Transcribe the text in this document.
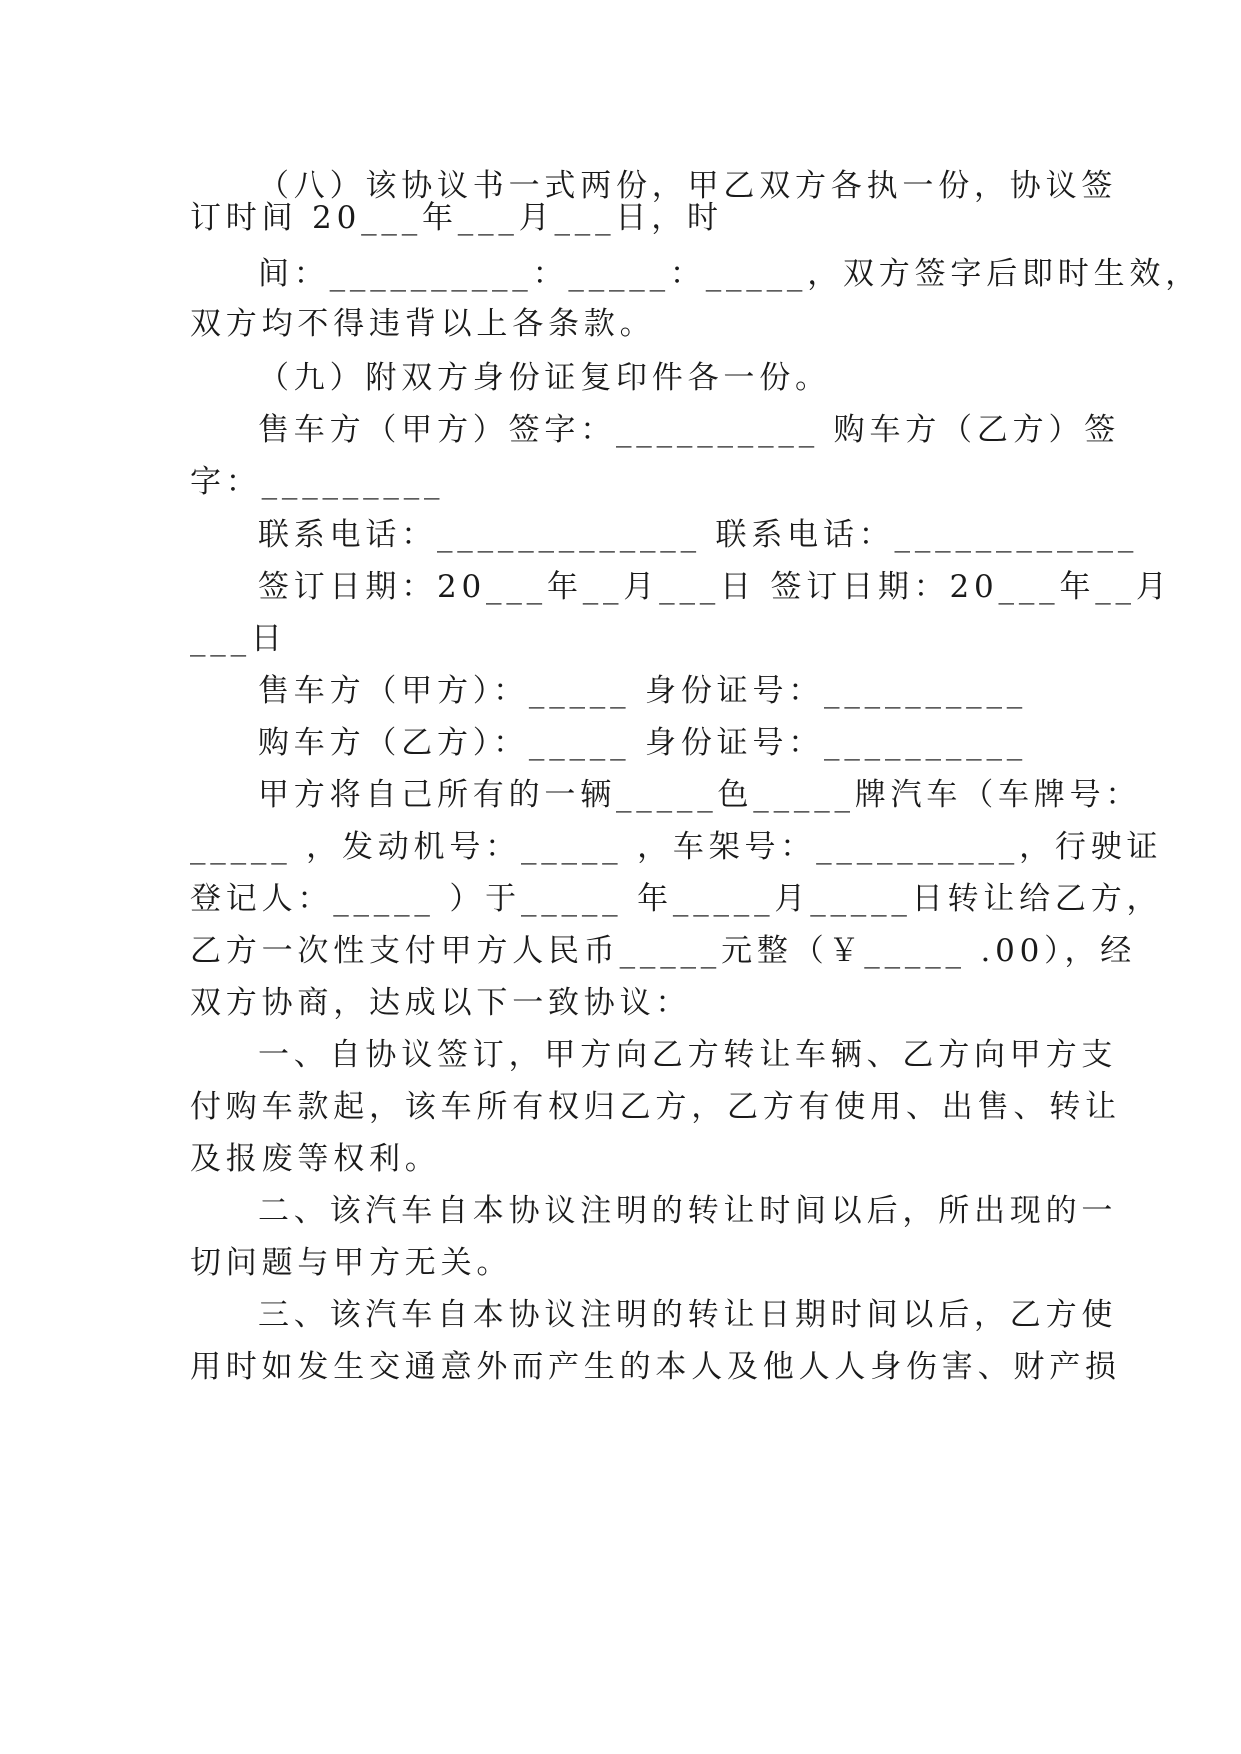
（八）该协议书一式两份，甲乙双方各执一份，协议签
订时间 20___年___月___日，时
间：__________：_____：_____，双方签字后即时生效，
双方均不得违背以上各条款。
（九）附双方身份证复印件各一份。
售车方（甲方）签字：__________ 购车方（乙方）签
字：_________
联系电话：_____________ 联系电话：____________
签订日期：20___年__月___日 签订日期：20___年__月
___日
售车方（甲方）：_____ 身份证号：__________
购车方（乙方）：_____ 身份证号：__________
甲方将自己所有的一辆_____色_____牌汽车（车牌号：
_____ ，发动机号：_____ ，车架号：__________，行驶证
登记人：_____ ）于_____ 年_____月_____日转让给乙方，
乙方一次性支付甲方人民币_____元整（￥_____ .00），经
双方协商，达成以下一致协议：
一、自协议签订，甲方向乙方转让车辆、乙方向甲方支
付购车款起，该车所有权归乙方，乙方有使用、出售、转让
及报废等权利。
二、该汽车自本协议注明的转让时间以后，所出现的一
切问题与甲方无关。
三、该汽车自本协议注明的转让日期时间以后，乙方使
用时如发生交通意外而产生的本人及他人人身伤害、财产损
